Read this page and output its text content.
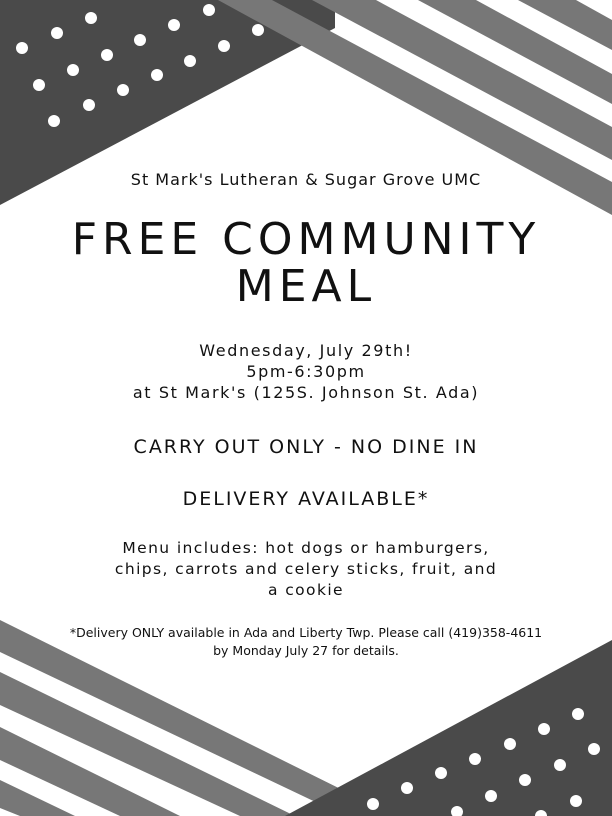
St Mark's Lutheran & Sugar Grove UMC
FREE COMMUNITY
MEAL
Wednesday, July 29th!
5pm-6:30pm
at St Mark's (125S. Johnson St. Ada)
CARRY OUT ONLY - NO DINE IN
DELIVERY AVAILABLE*
Menu includes: hot dogs or hamburgers,
chips, carrots and celery sticks, fruit, and
a cookie
*Delivery ONLY available in Ada and Liberty Twp. Please call (419)358-4611
by Monday July 27 for details.
